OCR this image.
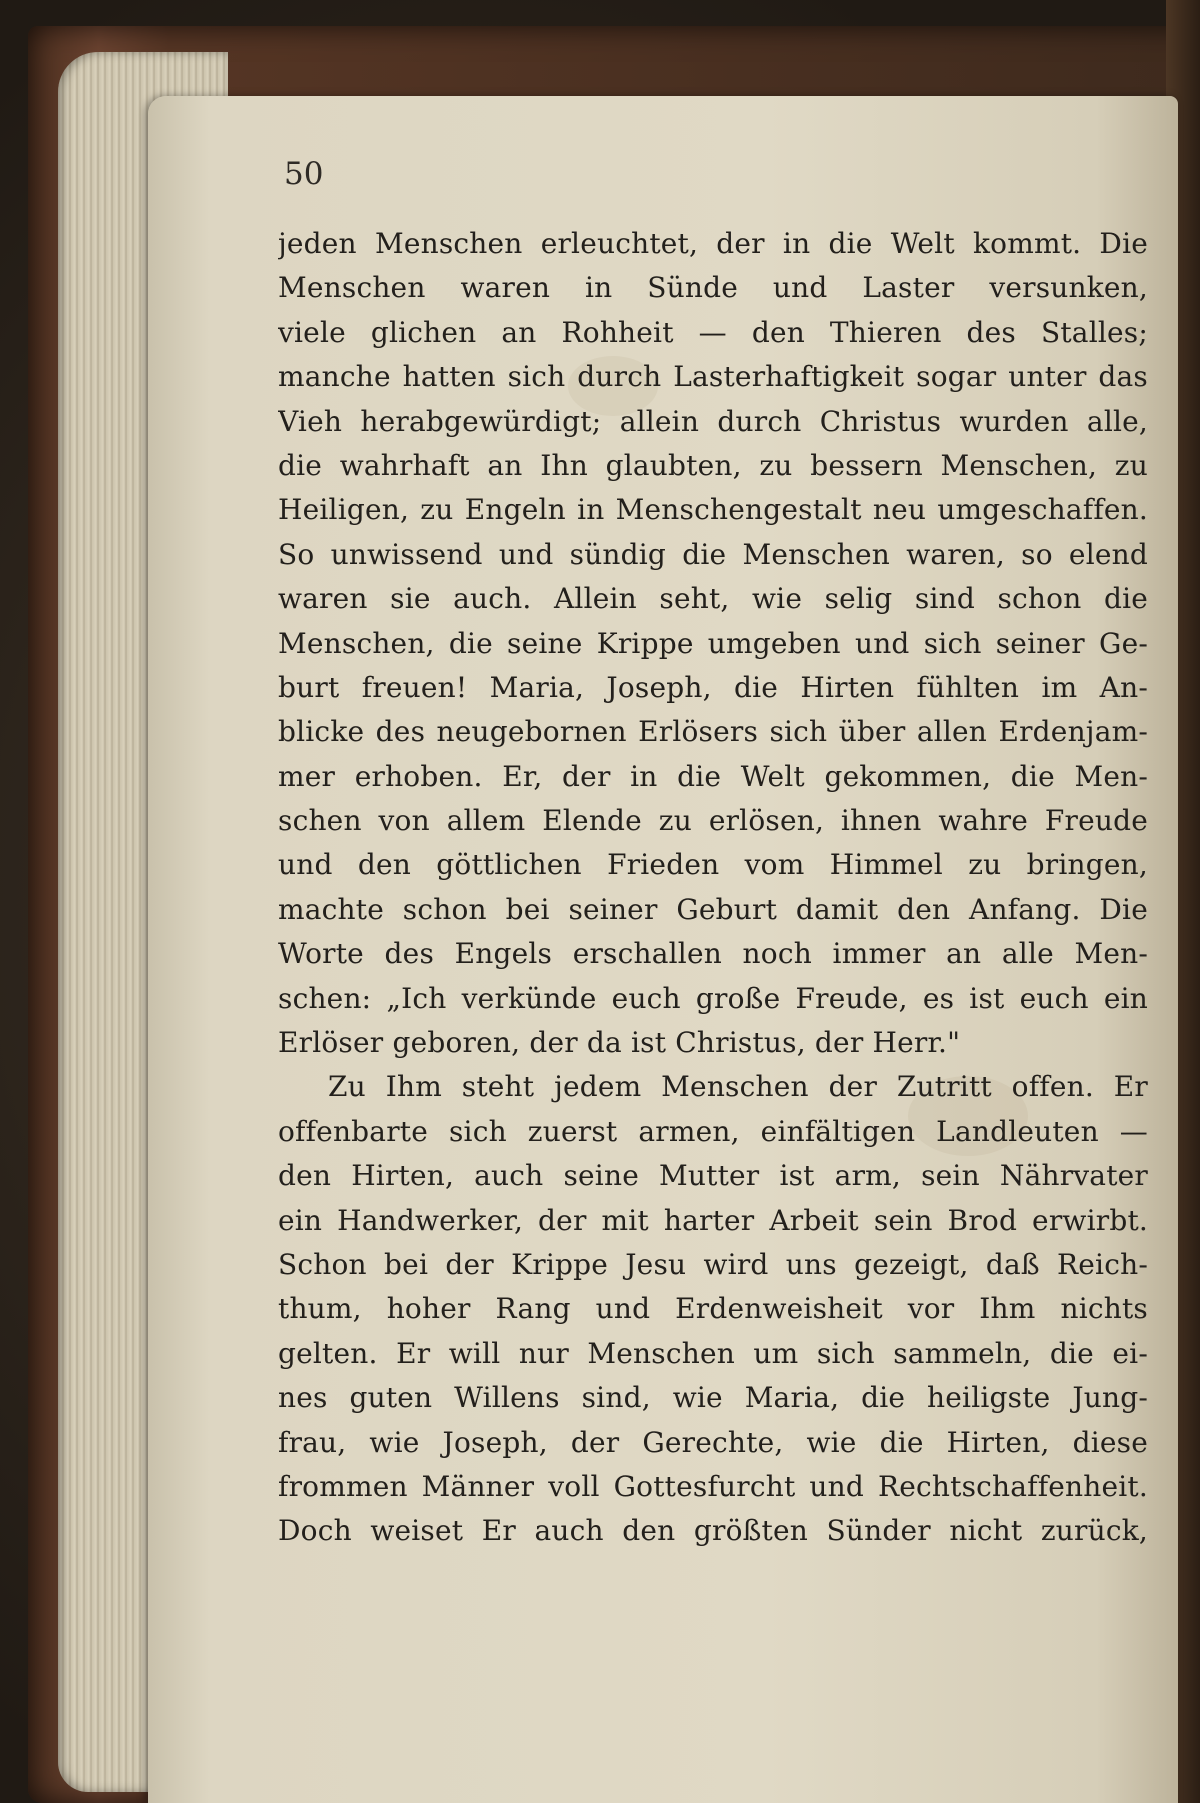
50
jeden Menschen erleuchtet, der in die Welt kommt. Die
Menschen waren in Sünde und Laster versunken,
viele glichen an Rohheit — den Thieren des Stalles;
manche hatten sich durch Lasterhaftigkeit sogar unter das
Vieh herabgewürdigt; allein durch Christus wurden alle,
die wahrhaft an Ihn glaubten, zu bessern Menschen, zu
Heiligen, zu Engeln in Menschengestalt neu umgeschaffen.
So unwissend und sündig die Menschen waren, so elend
waren sie auch. Allein seht, wie selig sind schon die
Menschen, die seine Krippe umgeben und sich seiner Ge-
burt freuen! Maria, Joseph, die Hirten fühlten im An-
blicke des neugebornen Erlösers sich über allen Erdenjam-
mer erhoben. Er, der in die Welt gekommen, die Men-
schen von allem Elende zu erlösen, ihnen wahre Freude
und den göttlichen Frieden vom Himmel zu bringen,
machte schon bei seiner Geburt damit den Anfang. Die
Worte des Engels erschallen noch immer an alle Men-
schen: „Ich verkünde euch große Freude, es ist euch ein
Erlöser geboren, der da ist Christus, der Herr."
Zu Ihm steht jedem Menschen der Zutritt offen. Er
offenbarte sich zuerst armen, einfältigen Landleuten —
den Hirten, auch seine Mutter ist arm, sein Nährvater
ein Handwerker, der mit harter Arbeit sein Brod erwirbt.
Schon bei der Krippe Jesu wird uns gezeigt, daß Reich-
thum, hoher Rang und Erdenweisheit vor Ihm nichts
gelten. Er will nur Menschen um sich sammeln, die ei-
nes guten Willens sind, wie Maria, die heiligste Jung-
frau, wie Joseph, der Gerechte, wie die Hirten, diese
frommen Männer voll Gottesfurcht und Rechtschaffenheit.
Doch weiset Er auch den größten Sünder nicht zurück,
